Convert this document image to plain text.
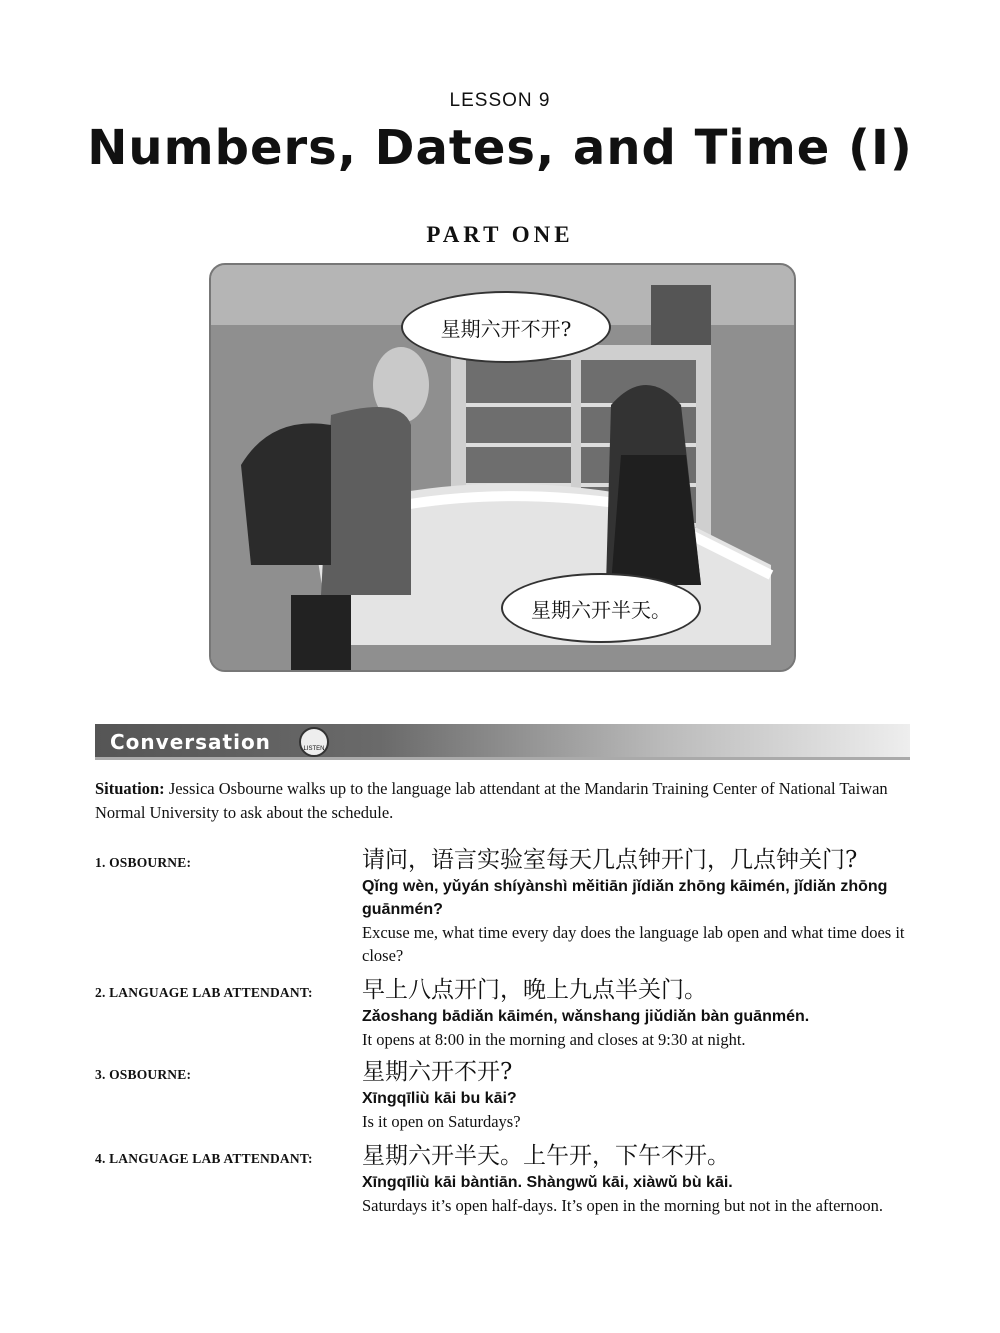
LESSON 9
Numbers, Dates, and Time (I)
PART ONE
星期六开不开?
星期六开半天。
Conversation	LISTEN
Situation: Jessica Osbourne walks up to the language lab attendant at the Mandarin Training Center of National Taiwan Normal University to ask about the schedule.
1. OSBOURNE:	请问，语言实验室每天几点钟开门，几点钟关门?
Qǐng wèn, yǔyán shíyànshì měitiān jǐdiǎn zhōng kāimén, jǐdiǎn zhōng guānmén?
Excuse me, what time every day does the language lab open and what time does it close?
2. LANGUAGE LAB ATTENDANT: 早上八点开门，晚上九点半关门。
Zǎoshang bādiǎn kāimén, wǎnshang jiǔdiǎn bàn guānmén.
It opens at 8:00 in the morning and closes at 9:30 at night.
3. OSBOURNE:	星期六开不开?
Xīngqīliù kāi bu kāi?
Is it open on Saturdays?
4. LANGUAGE LAB ATTENDANT: 星期六开半天。上午开，下午不开。
Xīngqīliù kāi bàntiān. Shàngwǔ kāi, xiàwǔ bù kāi.
Saturdays it’s open half-days. It’s open in the morning but not in the afternoon.
